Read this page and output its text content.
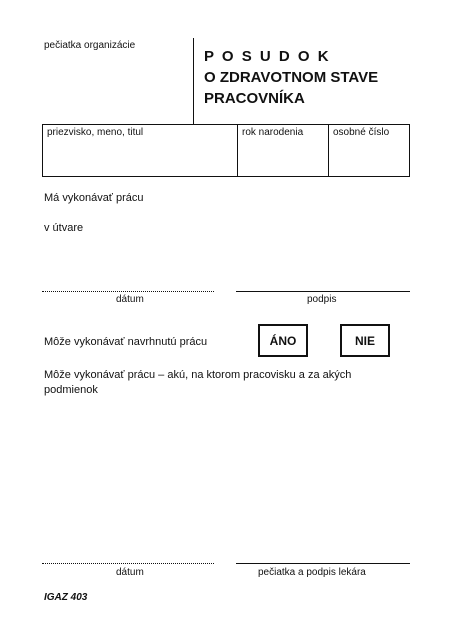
pečiatka organizácie
P O S U D O K
O ZDRAVOTNOM STAVE
PRACOVNÍKA
priezvisko, meno, titul	rok narodenia	osobné číslo
Má vykonávať prácu
v útvare
dátum	podpis
Môže vykonávať navrhnutú prácu	ÁNO	NIE
Môže vykonávať prácu – akú, na ktorom pracovisku a za akých
podmienok
dátum	pečiatka a podpis lekára
IGAZ 403
